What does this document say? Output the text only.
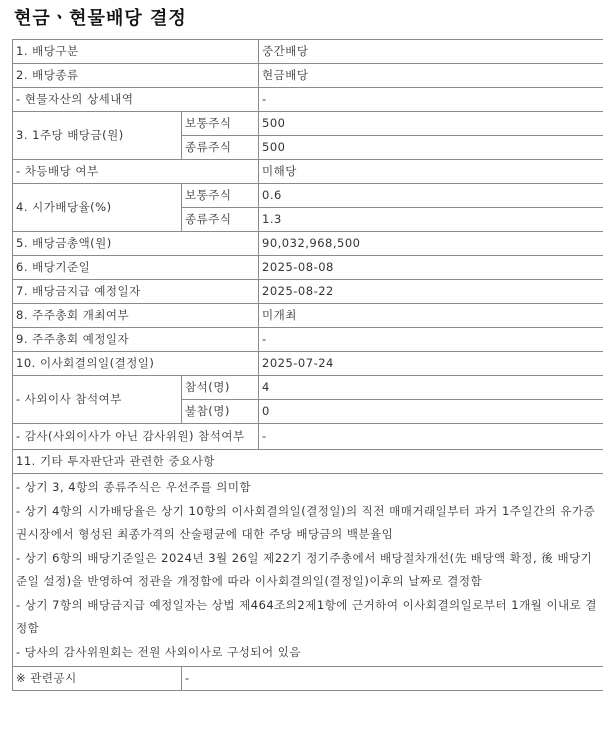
현금ㆍ현물배당 결정
1. 배당구분		중간배당
2. 배당종류		현금배당
- 현물자산의 상세내역		-
3. 1주당 배당금(원)	보통주식	500
	종류주식	500
- 차등배당 여부		미해당
4. 시가배당율(%)	보통주식	0.6
	종류주식	1.3
5. 배당금총액(원)		90,032,968,500
6. 배당기준일		2025-08-08
7. 배당금지급 예정일자		2025-08-22
8. 주주총회 개최여부		미개최
9. 주주총회 예정일자		-
10. 이사회결의일(결정일)		2025-07-24
- 사외이사 참석여부	참석(명)	4
	불참(명)	0
- 감사(사외이사가 아닌 감사위원) 참석여부		-
11. 기타 투자판단과 관련한 중요사항		

- 상기 3, 4항의 종류주식은 우선주를 의미함
- 상기 4항의 시가배당율은 상기 10항의 이사회결의일(결정일)의 직전 매매거래일부터 과거 1주일간의 유가증권시장에서 형성된 최종가격의 산술평균에 대한 주당 배당금의 백분율임
- 상기 6항의 배당기준일은 2024년 3월 26일 제22기 정기주총에서 배당절차개선(先 배당액 확정, 後 배당기준일 설정)을 반영하여 정관을 개정함에 따라 이사회결의일(결정일)이후의 날짜로 결정함
- 상기 7항의 배당금지급 예정일자는 상법 제464조의2제1항에 근거하여 이사회결의일로부터 1개월 이내로 결정함
- 당사의 감사위원회는 전원 사외이사로 구성되어 있음		

※ 관련공시	-	
